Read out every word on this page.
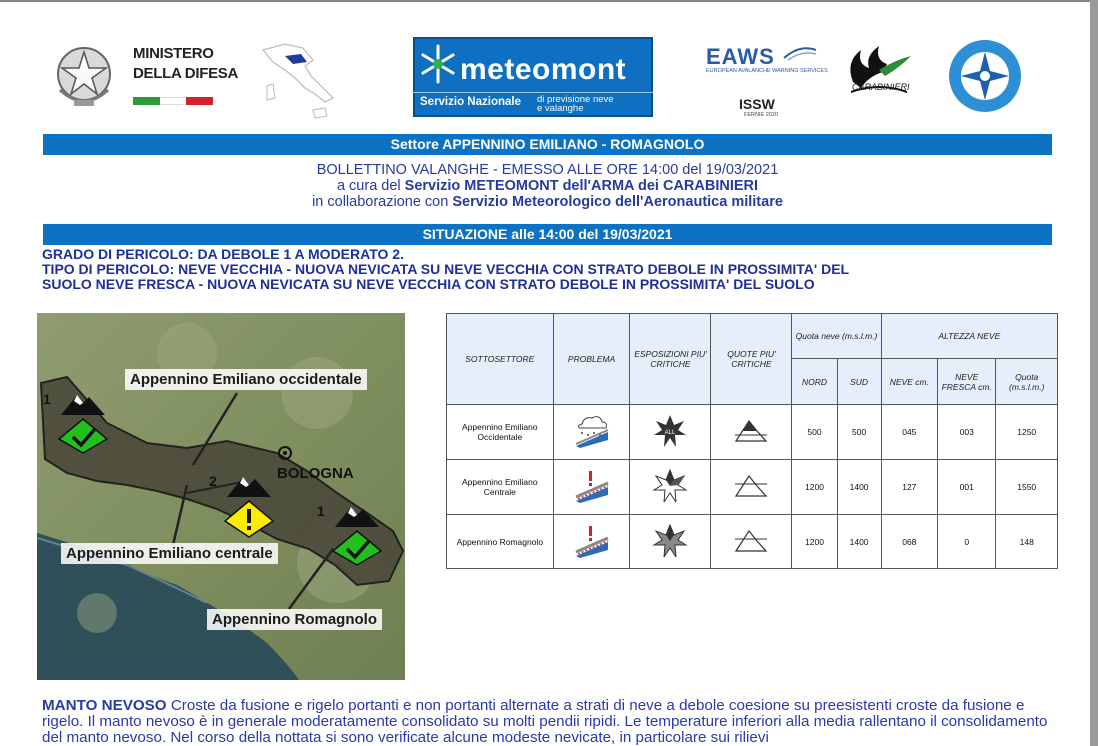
MINISTERO
DELLA DIFESA	meteomont
Servizio Nazionale di previsione neve
e valanghe
EAWS
EUROPEAN AVALANCHE WARNING SERVICES
ISSW
FERNIE 2020
CARABINIERI
Settore APPENNINO EMILIANO - ROMAGNOLO
BOLLETTINO VALANGHE - EMESSO ALLE ORE 14:00 del 19/03/2021
a cura del Servizio METEOMONT dell'ARMA dei CARABINIERI
in collaborazione con Servizio Meteorologico dell'Aeronautica militare
SITUAZIONE alle 14:00 del 19/03/2021
GRADO DI PERICOLO: DA DEBOLE 1 A MODERATO 2.
TIPO DI PERICOLO: NEVE VECCHIA - NUOVA NEVICATA SU NEVE VECCHIA CON STRATO DEBOLE IN PROSSIMITA' DEL
SUOLO NEVE FRESCA - NUOVA NEVICATA SU NEVE VECCHIA CON STRATO DEBOLE IN PROSSIMITA' DEL SUOLO
Appennino Emiliano occidentale
BOLOGNA
Appennino Emiliano centrale
Appennino Romagnolo
1
2
1
SOTTOSETTORE	PROBLEMA	ESPOSIZIONI PIU' CRITICHE	QUOTE PIU' CRITICHE	Quota neve (m.s.l.m.)		ALTEZZA NEVE		
				NORD	SUD	NEVE cm.	NEVE FRESCA cm.	Quota (m.s.l.m.)
Appennino Emiliano Occidentale		ALL		500	500	045	003	1250
Appennino Emiliano Centrale				1200	1400	127	001	1550
Appennino Romagnolo				1200	1400	068	0	148
MANTO NEVOSO Croste da fusione e rigelo portanti e non portanti alternate a strati di neve a debole coesione su preesistenti croste da fusione e rigelo. Il manto nevoso è in generale moderatamente consolidato su molti pendii ripidi. Le temperature inferiori alla media rallentano il consolidamento del manto nevoso. Nel corso della nottata si sono verificate alcune modeste nevicate, in particolare sui rilievi
